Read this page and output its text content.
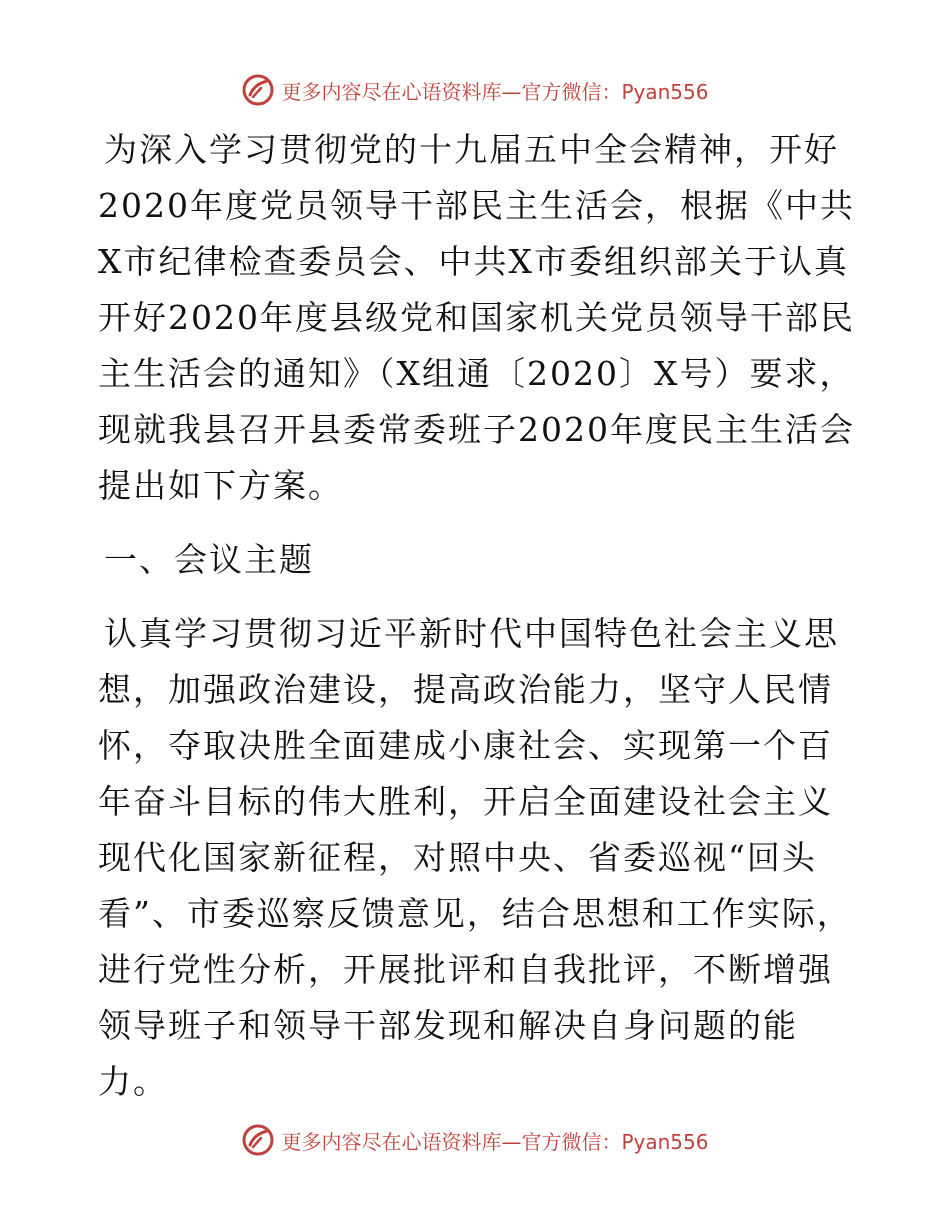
更多内容尽在心语资料库—官方微信：Pyan556

为深入学习贯彻党的十九届五中全会精神，开好2020年度党员领导干部民主生活会，根据《中共X市纪律检查委员会、中共X市委组织部关于认真开好2020年度县级党和国家机关党员领导干部民主生活会的通知》（X组通〔2020〕X号）要求，现就我县召开县委常委班子2020年度民主生活会提出如下方案。

一、会议主题

认真学习贯彻习近平新时代中国特色社会主义思想，加强政治建设，提高政治能力，坚守人民情怀，夺取决胜全面建成小康社会、实现第一个百年奋斗目标的伟大胜利，开启全面建设社会主义现代化国家新征程，对照中央、省委巡视“回头看”、市委巡察反馈意见，结合思想和工作实际，进行党性分析，开展批评和自我批评，不断增强领导班子和领导干部发现和解决自身问题的能力。

更多内容尽在心语资料库—官方微信：Pyan556
